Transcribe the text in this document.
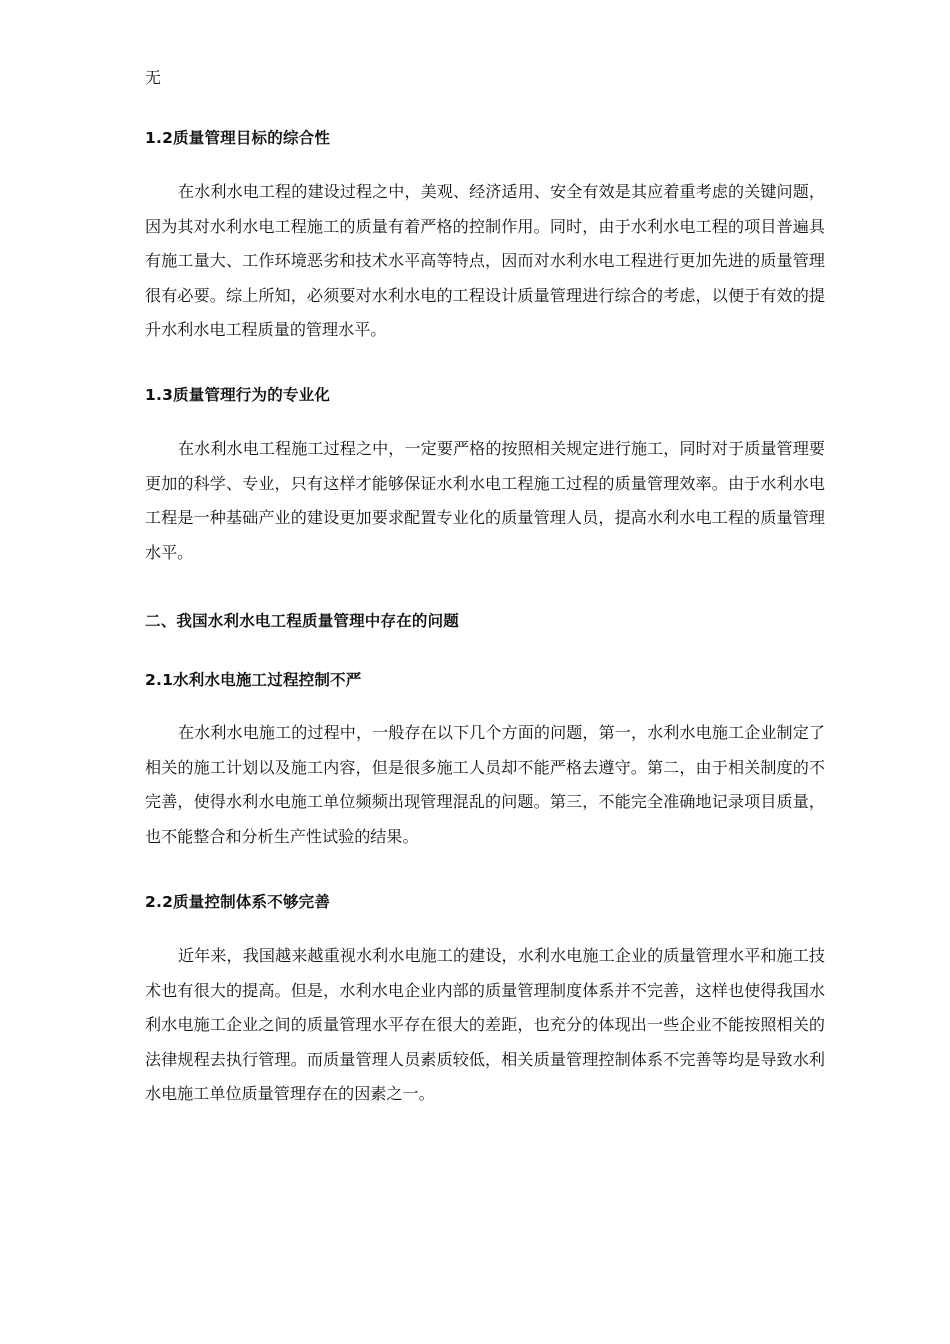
无

1.2质量管理目标的综合性

在水利水电工程的建设过程之中，美观、经济适用、安全有效是其应着重考虑的关键问题，因为其对水利水电工程施工的质量有着严格的控制作用。同时，由于水利水电工程的项目普遍具有施工量大、工作环境恶劣和技术水平高等特点，因而对水利水电工程进行更加先进的质量管理很有必要。综上所知，必须要对水利水电的工程设计质量管理进行综合的考虑，以便于有效的提升水利水电工程质量的管理水平。

1.3质量管理行为的专业化

在水利水电工程施工过程之中，一定要严格的按照相关规定进行施工，同时对于质量管理要更加的科学、专业，只有这样才能够保证水利水电工程施工过程的质量管理效率。由于水利水电工程是一种基础产业的建设更加要求配置专业化的质量管理人员，提高水利水电工程的质量管理水平。

二、我国水利水电工程质量管理中存在的问题
2.1水利水电施工过程控制不严

在水利水电施工的过程中，一般存在以下几个方面的问题，第一，水利水电施工企业制定了相关的施工计划以及施工内容，但是很多施工人员却不能严格去遵守。第二，由于相关制度的不完善，使得水利水电施工单位频频出现管理混乱的问题。第三，不能完全准确地记录项目质量，也不能整合和分析生产性试验的结果。

2.2质量控制体系不够完善

近年来，我国越来越重视水利水电施工的建设，水利水电施工企业的质量管理水平和施工技术也有很大的提高。但是，水利水电企业内部的质量管理制度体系并不完善，这样也使得我国水利水电施工企业之间的质量管理水平存在很大的差距，也充分的体现出一些企业不能按照相关的法律规程去执行管理。而质量管理人员素质较低，相关质量管理控制体系不完善等均是导致水利水电施工单位质量管理存在的因素之一。
